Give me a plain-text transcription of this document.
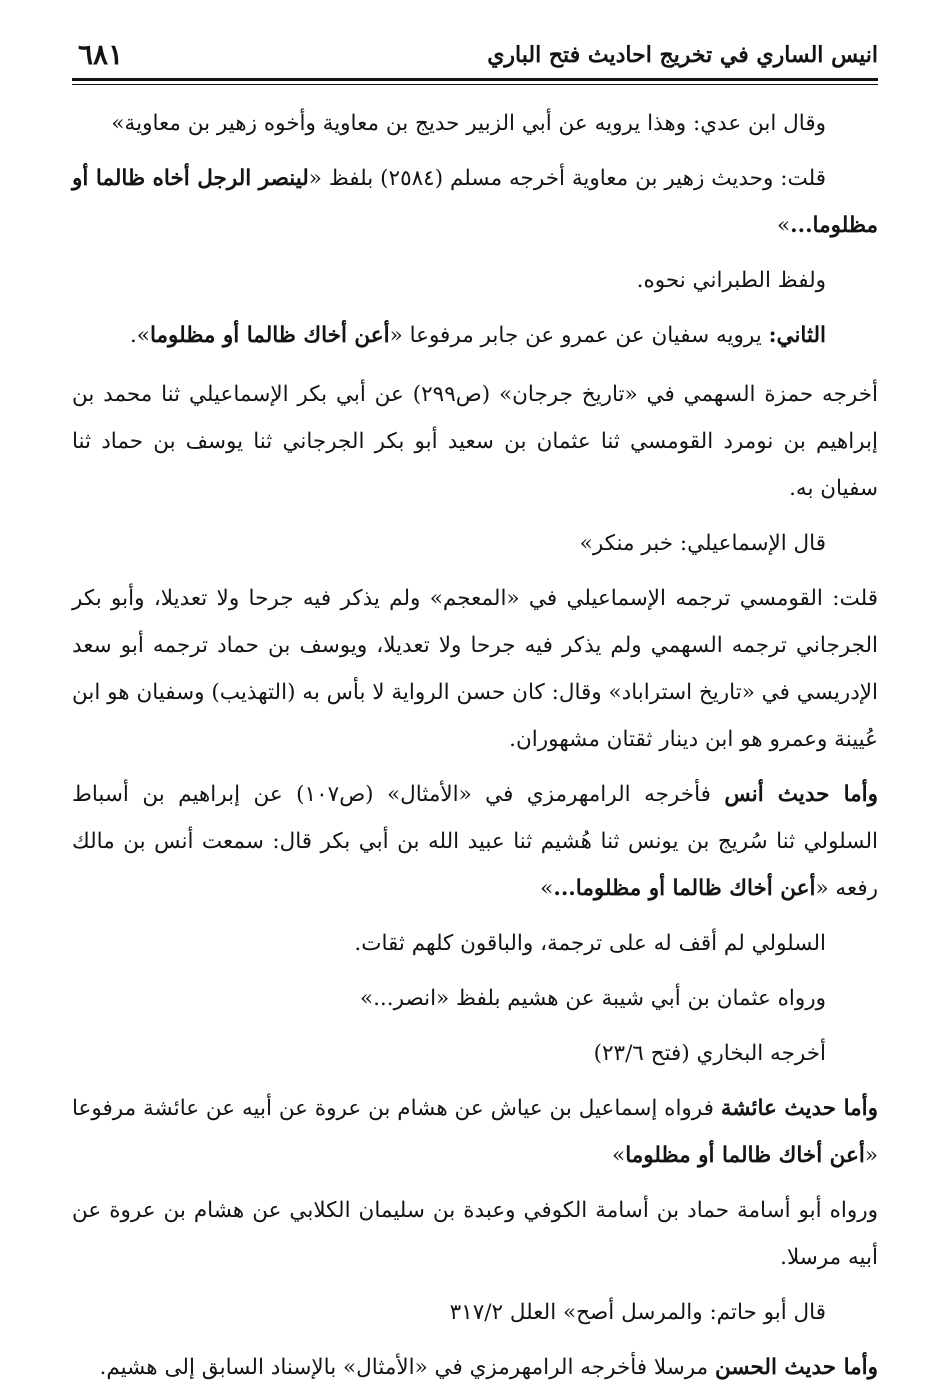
انيس الساري في تخريج احاديث فتح الباري
٦٨١

وقال ابن عدي: وهذا يرويه عن أبي الزبير حديج بن معاوية وأخوه زهير بن معاوية»

قلت: وحديث زهير بن معاوية أخرجه مسلم (٢٥٨٤) بلفظ «لينصر الرجل أخاه ظالما أو مظلوما...»

ولفظ الطبراني نحوه.

الثاني: يرويه سفيان عن عمرو عن جابر مرفوعا «أعن أخاك ظالما أو مظلوما».

أخرجه حمزة السهمي في «تاريخ جرجان» (ص٢٩٩) عن أبي بكر الإسماعيلي ثنا محمد بن إبراهيم بن نومرد القومسي ثنا عثمان بن سعيد أبو بكر الجرجاني ثنا يوسف بن حماد ثنا سفيان به.

قال الإسماعيلي: خبر منكر»

قلت: القومسي ترجمه الإسماعيلي في «المعجم» ولم يذكر فيه جرحا ولا تعديلا، وأبو بكر الجرجاني ترجمه السهمي ولم يذكر فيه جرحا ولا تعديلا، ويوسف بن حماد ترجمه أبو سعد الإدريسي في «تاريخ استراباد» وقال: كان حسن الرواية لا بأس به (التهذيب) وسفيان هو ابن عُيينة وعمرو هو ابن دينار ثقتان مشهوران.

وأما حديث أنس فأخرجه الرامهرمزي في «الأمثال» (ص١٠٧) عن إبراهيم بن أسباط السلولي ثنا سُريج بن يونس ثنا هُشيم ثنا عبيد الله بن أبي بكر قال: سمعت أنس بن مالك رفعه «أعن أخاك ظالما أو مظلوما...»

السلولي لم أقف له على ترجمة، والباقون كلهم ثقات.

ورواه عثمان بن أبي شيبة عن هشيم بلفظ «انصر...»

أخرجه البخاري (فتح ٢٣/٦)

وأما حديث عائشة فرواه إسماعيل بن عياش عن هشام بن عروة عن أبيه عن عائشة مرفوعا «أعن أخاك ظالما أو مظلوما»

ورواه أبو أسامة حماد بن أسامة الكوفي وعبدة بن سليمان الكلابي عن هشام بن عروة عن أبيه مرسلا.

قال أبو حاتم: والمرسل أصح» العلل ٣١٧/٢

وأما حديث الحسن مرسلا فأخرجه الرامهرمزي في «الأمثال» بالإسناد السابق إلى هشيم.
